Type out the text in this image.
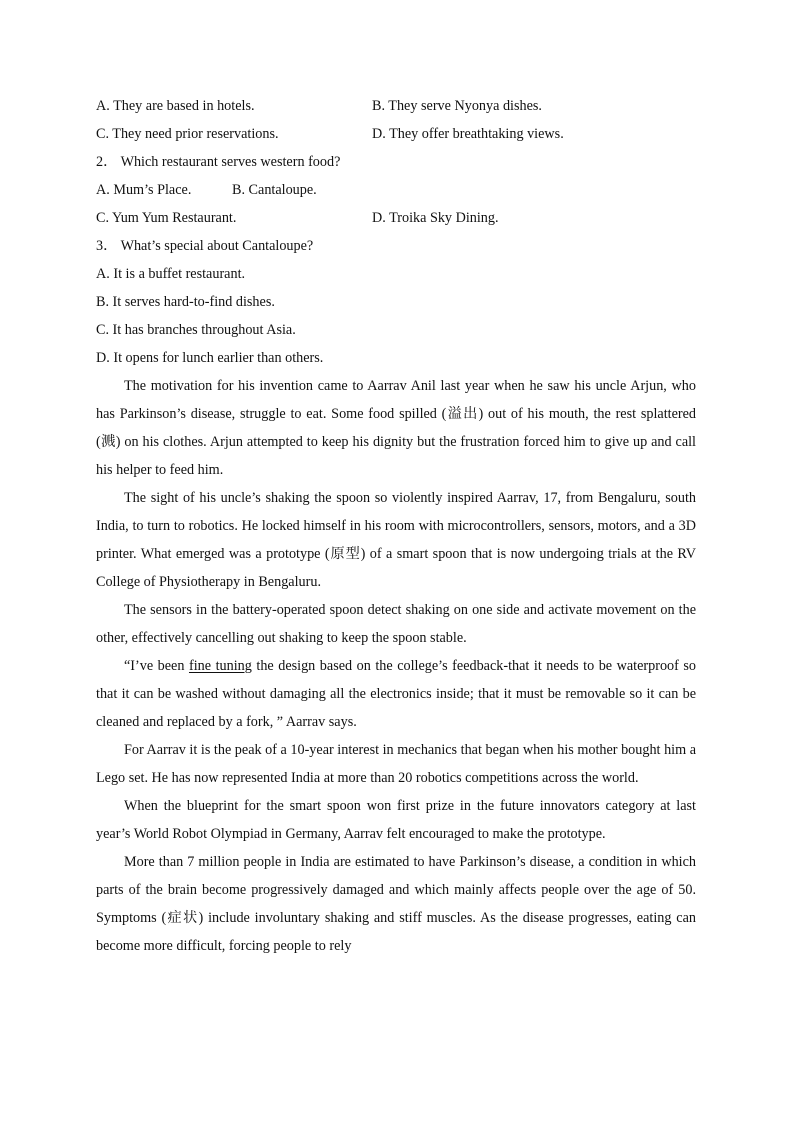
A. They are based in hotels.	B. They serve Nyonya dishes.
C. They need prior reservations.	D. They offer breathtaking views.
2． Which restaurant serves western food?
A. Mum’s Place.	B. Cantaloupe.
C. Yum Yum Restaurant.	D. Troika Sky Dining.
3． What’s special about Cantaloupe?
A. It is a buffet restaurant.
B. It serves hard-to-find dishes.
C. It has branches throughout Asia.
D. It opens for lunch earlier than others.

The motivation for his invention came to Aarrav Anil last year when he saw his uncle Arjun, who has Parkinson’s disease, struggle to eat. Some food spilled (溢出) out of his mouth, the rest splattered (溅) on his clothes. Arjun attempted to keep his dignity but the frustration forced him to give up and call his helper to feed him.

The sight of his uncle’s shaking the spoon so violently inspired Aarrav, 17, from Bengaluru, south India, to turn to robotics. He locked himself in his room with microcontrollers, sensors, motors, and a 3D printer. What emerged was a prototype (原型) of a smart spoon that is now undergoing trials at the RV College of Physiotherapy in Bengaluru.

The sensors in the battery-operated spoon detect shaking on one side and activate movement on the other, effectively cancelling out shaking to keep the spoon stable.

“I’ve been fine tuning the design based on the college’s feedback-that it needs to be waterproof so that it can be washed without damaging all the electronics inside; that it must be removable so it can be cleaned and replaced by a fork, ” Aarrav says.

For Aarrav it is the peak of a 10-year interest in mechanics that began when his mother bought him a Lego set. He has now represented India at more than 20 robotics competitions across the world.

When the blueprint for the smart spoon won first prize in the future innovators category at last year’s World Robot Olympiad in Germany, Aarrav felt encouraged to make the prototype.

More than 7 million people in India are estimated to have Parkinson’s disease, a condition in which parts of the brain become progressively damaged and which mainly affects people over the age of 50. Symptoms (症状) include involuntary shaking and stiff muscles. As the disease progresses, eating can become more difficult, forcing people to rely
